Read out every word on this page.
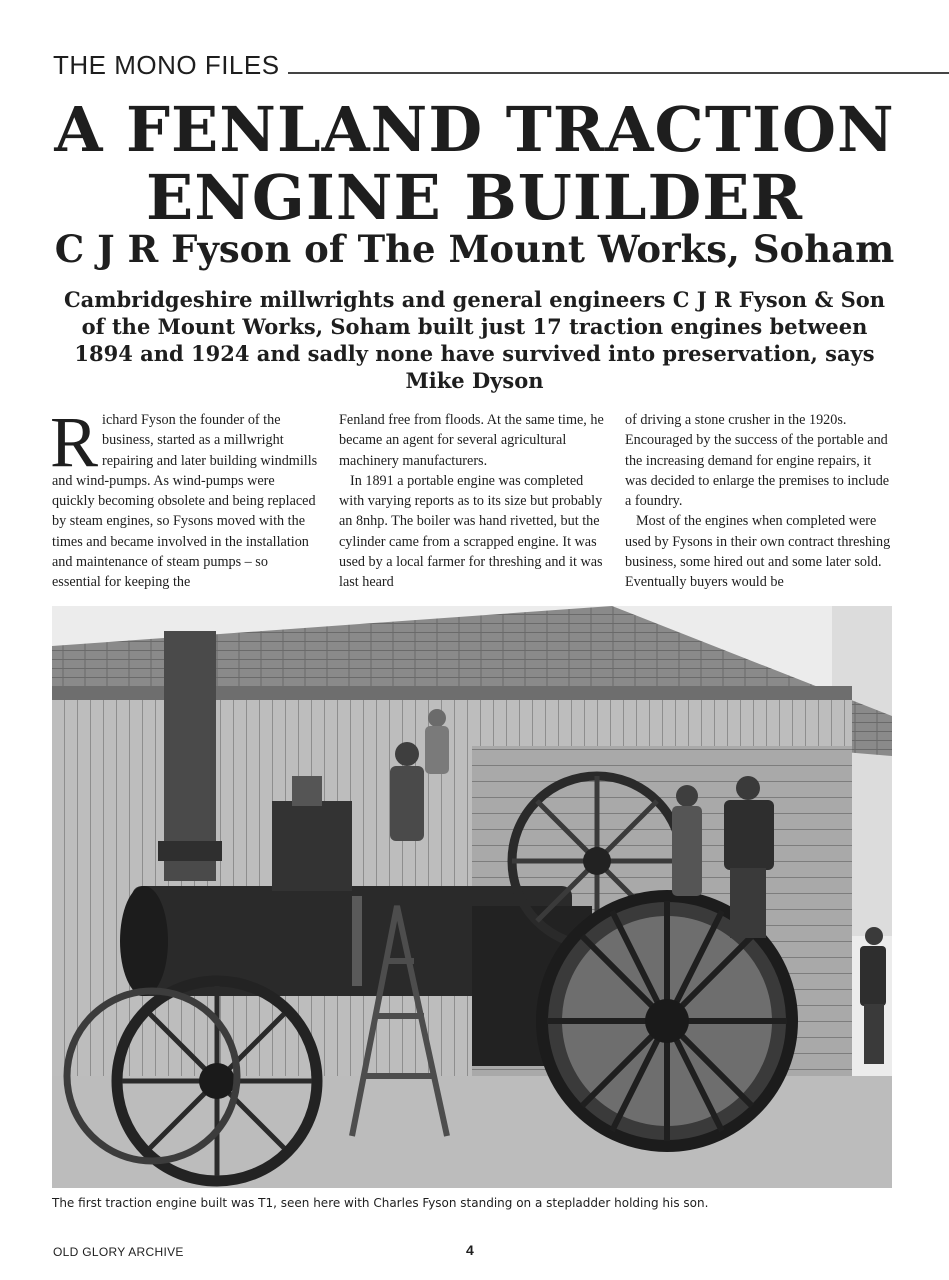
THE MONO FILES
A FENLAND TRACTION
ENGINE BUILDER
C J R Fyson of The Mount Works, Soham

Cambridgeshire millwrights and general engineers C J R Fyson & Son of the Mount Works, Soham built just 17 traction engines between 1894 and 1924 and sadly none have survived into preservation, says Mike Dyson

Richard Fyson the founder of the business, started as a millwright repairing and later building windmills and wind-pumps. As wind-pumps were quickly becoming obsolete and being replaced by steam engines, so Fysons moved with the times and became involved in the installation and maintenance of steam pumps – so essential for keeping the

Fenland free from floods. At the same time, he became an agent for several agricultural machinery manufacturers.

In 1891 a portable engine was completed with varying reports as to its size but probably an 8nhp. The boiler was hand rivetted, but the cylinder came from a scrapped engine. It was used by a local farmer for threshing and it was last heard

of driving a stone crusher in the 1920s. Encouraged by the success of the portable and the increasing demand for engine repairs, it was decided to enlarge the premises to include a foundry.

Most of the engines when completed were used by Fysons in their own contract threshing business, some hired out and some later sold. Eventually buyers would be

The first traction engine built was T1, seen here with Charles Fyson standing on a stepladder holding his son.
OLD GLORY ARCHIVE	4
